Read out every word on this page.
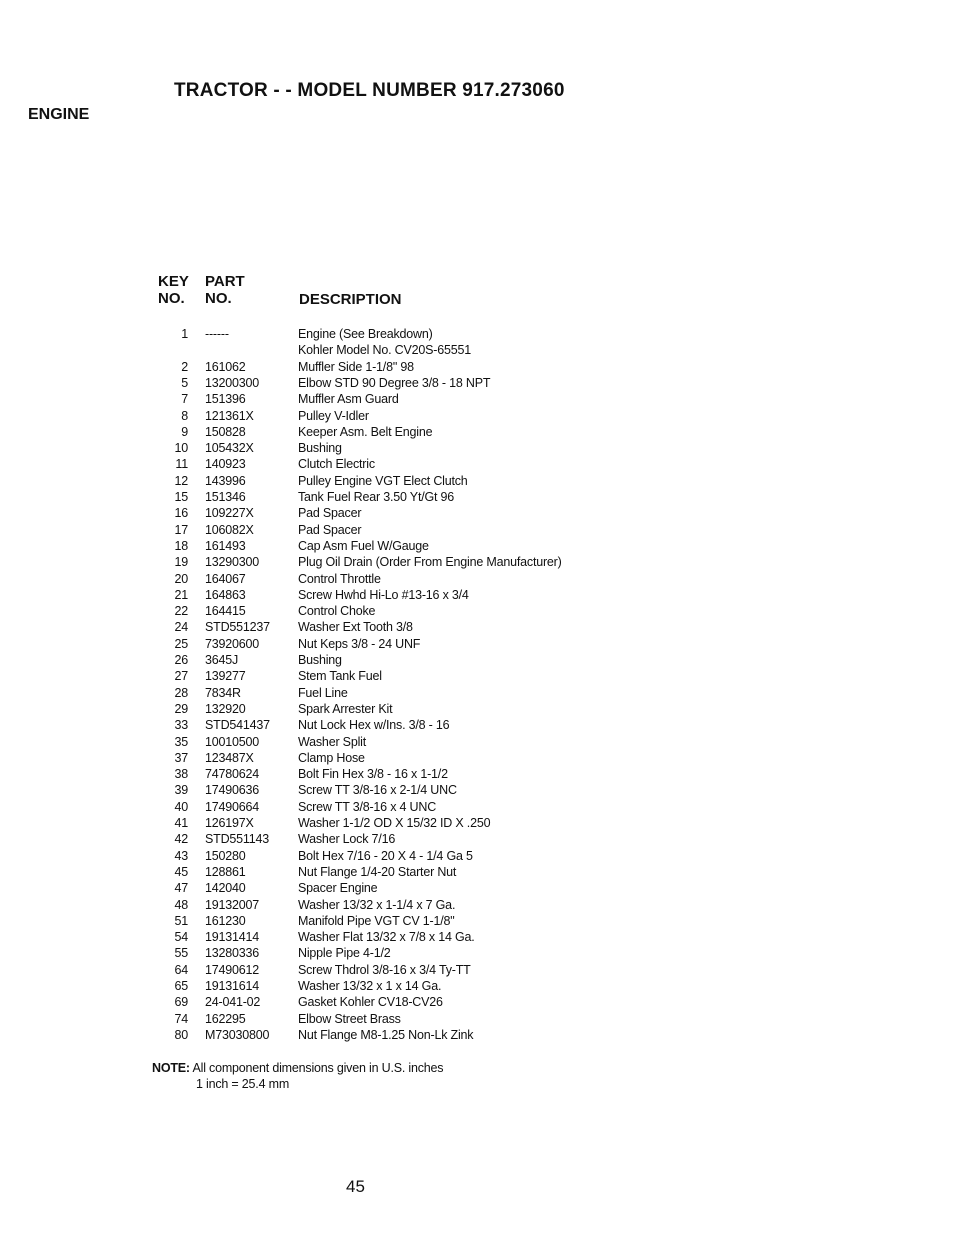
TRACTOR - - MODEL NUMBER 917.273060
ENGINE
KEY
NO.
PART
NO.	DESCRIPTION
1 ------	Engine (See Breakdown)
Kohler Model No. CV20S-65551
2 161062	Muffler Side 1-1/8" 98
5 13200300	Elbow STD 90 Degree 3/8 - 18 NPT
7 151396	Muffler Asm Guard
8 121361X	Pulley V-Idler
9 150828	Keeper Asm. Belt Engine
10 105432X	Bushing
11 140923	Clutch Electric
12 143996	Pulley Engine VGT Elect Clutch
15 151346	Tank Fuel Rear 3.50 Yt/Gt 96
16 109227X	Pad Spacer
17 106082X	Pad Spacer
18 161493	Cap Asm Fuel W/Gauge
19 13290300	Plug Oil Drain (Order From Engine Manufacturer)
20 164067	Control Throttle
21 164863	Screw Hwhd Hi-Lo #13-16 x 3/4
22 164415	Control Choke
24 STD551237 Washer Ext Tooth 3/8
25 73920600	Nut Keps 3/8 - 24 UNF
26 3645J	Bushing
27 139277	Stem Tank Fuel
28 7834R	Fuel Line
29 132920	Spark Arrester Kit
33 STD541437 Nut Lock Hex w/Ins. 3/8 - 16
35 10010500	Washer Split
37 123487X	Clamp Hose
38 74780624	Bolt Fin Hex 3/8 - 16 x 1-1/2
39 17490636	Screw TT 3/8-16 x 2-1/4 UNC
40 17490664	Screw TT 3/8-16 x 4 UNC
41 126197X	Washer 1-1/2 OD X 15/32 ID X .250
42 STD551143 Washer Lock 7/16
43 150280	Bolt Hex 7/16 - 20 X 4 - 1/4 Ga 5
45 128861	Nut Flange 1/4-20 Starter Nut
47 142040	Spacer Engine
48 19132007	Washer 13/32 x 1-1/4 x 7 Ga.
51 161230	Manifold Pipe VGT CV 1-1/8"
54 19131414	Washer Flat 13/32 x 7/8 x 14 Ga.
55 13280336	Nipple Pipe 4-1/2
64 17490612	Screw Thdrol 3/8-16 x 3/4 Ty-TT
65 19131614	Washer 13/32 x 1 x 14 Ga.
69 24-041-02	Gasket Kohler CV18-CV26
74 162295	Elbow Street Brass
80 M73030800 Nut Flange M8-1.25 Non-Lk Zink
NOTE: All component dimensions given in U.S. inches
1 inch = 25.4 mm
45
